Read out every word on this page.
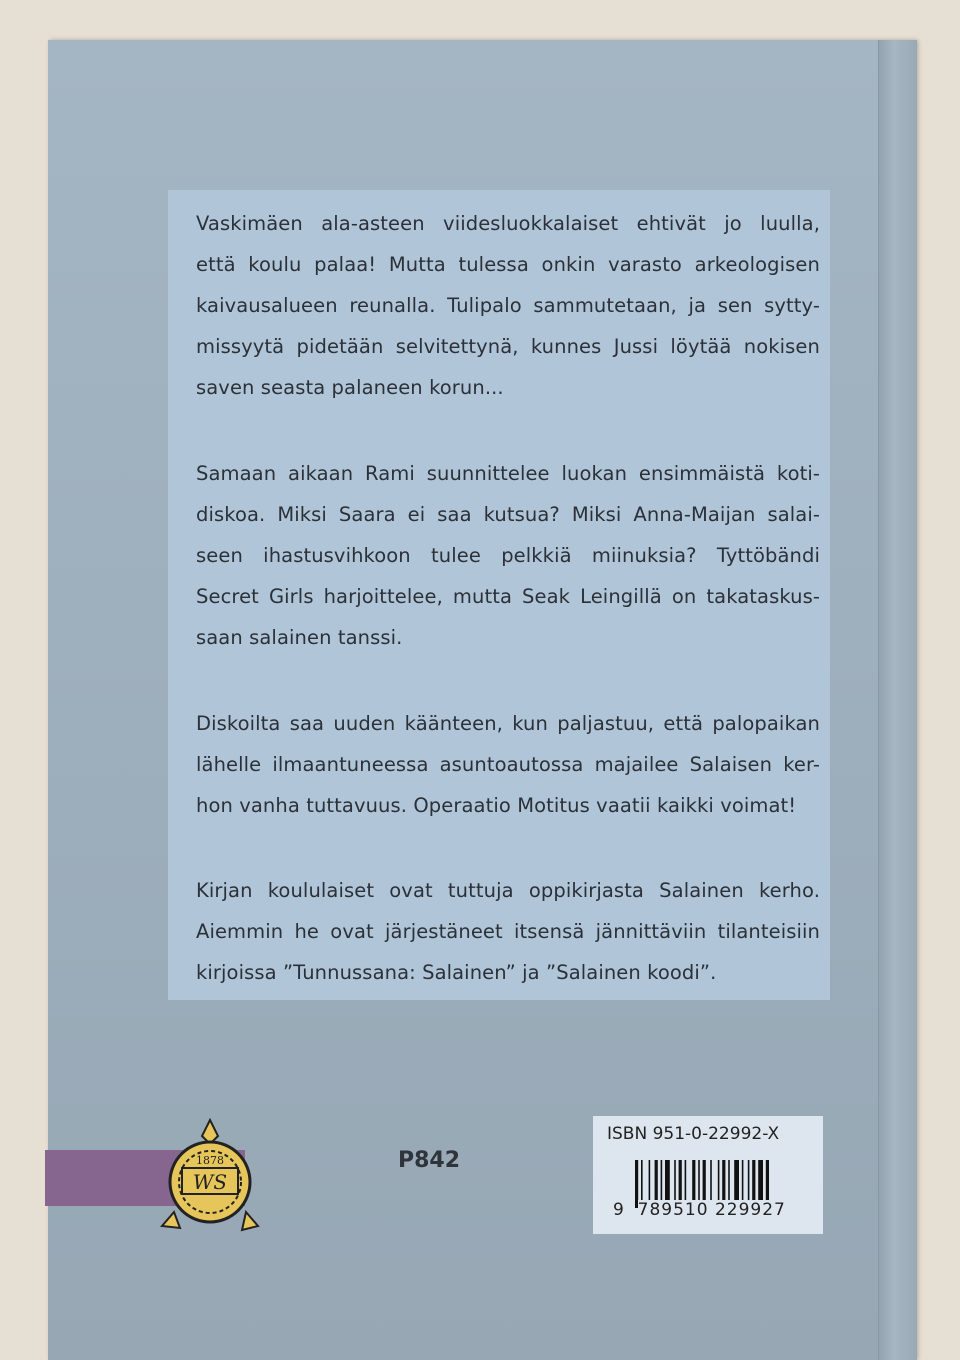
Vaskimäen ala-asteen viidesluokkalaiset ehtivät jo luulla,
että koulu palaa! Mutta tulessa onkin varasto arkeologisen
kaivausalueen reunalla. Tulipalo sammutetaan, ja sen sytty-
missyytä pidetään selvitettynä, kunnes Jussi löytää nokisen
saven seasta palaneen korun...
Samaan aikaan Rami suunnittelee luokan ensimmäistä koti-
diskoa. Miksi Saara ei saa kutsua? Miksi Anna-Maijan salai-
seen ihastusvihkoon tulee pelkkiä miinuksia? Tyttöbändi
Secret Girls harjoittelee, mutta Seak Leingillä on takataskus-
saan salainen tanssi.
Diskoilta saa uuden käänteen, kun paljastuu, että palopaikan
lähelle ilmaantuneessa asuntoautossa majailee Salaisen ker-
hon vanha tuttavuus. Operaatio Motitus vaatii kaikki voimat!
Kirjan koululaiset ovat tuttuja oppikirjasta Salainen kerho.
Aiemmin he ovat järjestäneet itsensä jännittäviin tilanteisiin
kirjoissa ”Tunnussana: Salainen” ja ”Salainen koodi”.
1878
WS
P842
ISBN 951-0-22992-X
9 789510 229927
